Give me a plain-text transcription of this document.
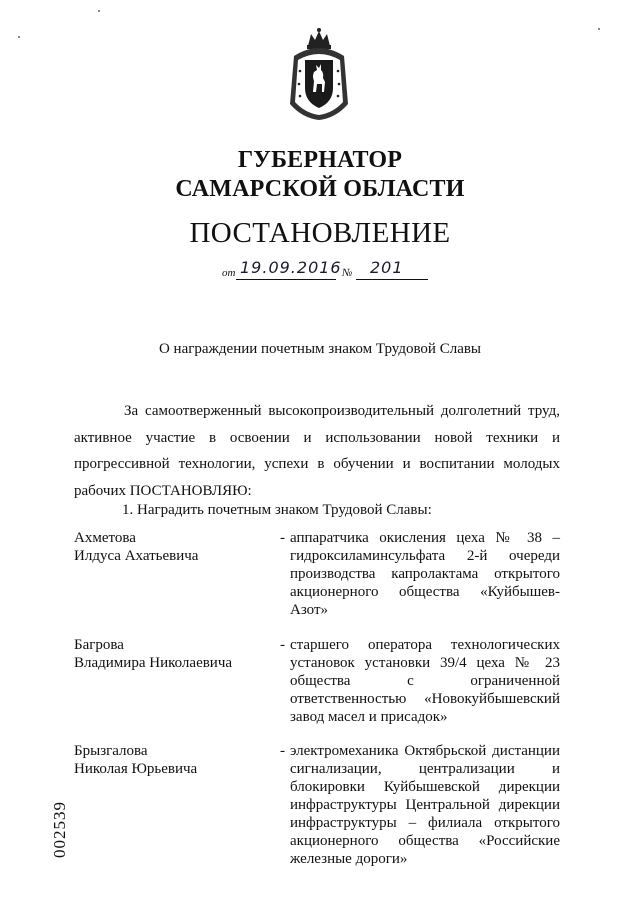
ГУБЕРНАТОР
САМАРСКОЙ ОБЛАСТИ
ПОСТАНОВЛЕНИЕ
от 19.09.2016 № 201
О награждении почетным знаком Трудовой Славы
За самоотверженный высокопроизводительный долголетний труд, активное участие в освоении и использовании новой техники и прогрессивной технологии, успехи в обучении и воспитании молодых рабочих ПОСТАНОВЛЯЮ:
1. Наградить почетным знаком Трудовой Славы:
Ахметова
Илдуса Ахатьевича
- аппаратчика окисления цеха № 38 – гидроксиламинсульфата 2-й очереди производства капролактама открытого акционерного общества «Куйбышев-Азот»
Багрова
Владимира Николаевича
- старшего оператора технологических установок установки 39/4 цеха № 23 общества с ограниченной ответственностью «Новокуйбышевский завод масел и присадок»
Брызгалова
Николая Юрьевича
- электромеханика Октябрьской дистанции сигнализации, централизации и блокировки Куйбышевской дирекции инфраструктуры Центральной дирекции инфраструктуры – филиала открытого акционерного общества «Российские железные дороги»
002539
